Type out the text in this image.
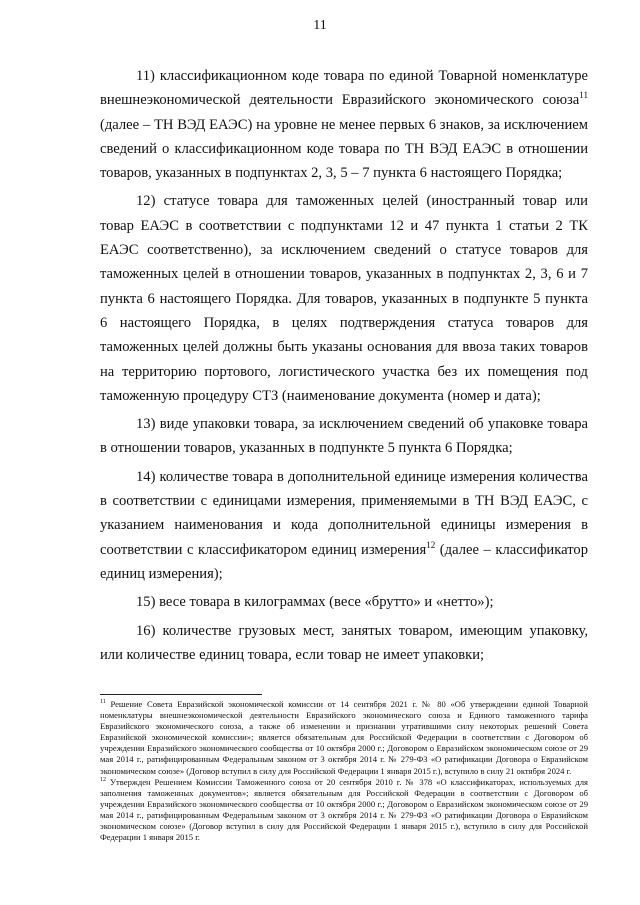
11

11) классификационном коде товара по единой Товарной номенклатуре внешнеэкономической деятельности Евразийского экономического союза$^{11}$ (далее – ТН ВЭД ЕАЭС) на уровне не менее первых 6 знаков, за исключением сведений о классификационном коде товара по ТН ВЭД ЕАЭС в отношении товаров, указанных в подпунктах 2, 3, 5 – 7 пункта 6 настоящего Порядка;

12) статусе товара для таможенных целей (иностранный товар или товар ЕАЭС в соответствии с подпунктами 12 и 47 пункта 1 статьи 2 ТК ЕАЭС соответственно), за исключением сведений о статусе товаров для таможенных целей в отношении товаров, указанных в подпунктах 2, 3, 6 и 7 пункта 6 настоящего Порядка. Для товаров, указанных в подпункте 5 пункта 6 настоящего Порядка, в целях подтверждения статуса товаров для таможенных целей должны быть указаны основания для ввоза таких товаров на территорию портового, логистического участка без их помещения под таможенную процедуру СТЗ (наименование документа (номер и дата);

13) виде упаковки товара, за исключением сведений об упаковке товара в отношении товаров, указанных в подпункте 5 пункта 6 Порядка;

14) количестве товара в дополнительной единице измерения количества в соответствии с единицами измерения, применяемыми в ТН ВЭД ЕАЭС, с указанием наименования и кода дополнительной единицы измерения в соответствии с классификатором единиц измерения$^{12}$ (далее – классификатор единиц измерения);

15) весе товара в килограммах (весе «брутто» и «нетто»);

16) количестве грузовых мест, занятых товаром, имеющим упаковку, или количестве единиц товара, если товар не имеет упаковки;

$^{11}$ Решение Совета Евразийской экономической комиссии от 14 сентября 2021 г. № 80 «Об утверждении единой Товарной номенклатуры внешнеэкономической деятельности Евразийского экономического союза и Единого таможенного тарифа Евразийского экономического союза, а также об изменении и признании утратившими силу некоторых решений Совета Евразийской экономической комиссии»; является обязательным для Российской Федерации в соответствии с Договором об учреждении Евразийского экономического сообщества от 10 октября 2000 г.; Договором о Евразийском экономическом союзе от 29 мая 2014 г., ратифицированным Федеральным законом от 3 октября 2014 г. № 279-ФЗ «О ратификации Договора о Евразийском экономическом союзе» (Договор вступил в силу для Российской Федерации 1 января 2015 г.), вступило в силу 21 октября 2024 г.

$^{12}$ Утвержден Решением Комиссии Таможенного союза от 20 сентября 2010 г. № 378 «О классификаторах, используемых для заполнения таможенных документов»; является обязательным для Российской Федерации в соответствии с Договором об учреждении Евразийского экономического сообщества от 10 октября 2000 г.; Договором о Евразийском экономическом союзе от 29 мая 2014 г., ратифицированным Федеральным законом от 3 октября 2014 г. № 279-ФЗ «О ратификации Договора о Евразийском экономическом союзе» (Договор вступил в силу для Российской Федерации 1 января 2015 г.), вступило в силу для Российской Федерации 1 января 2015 г.
